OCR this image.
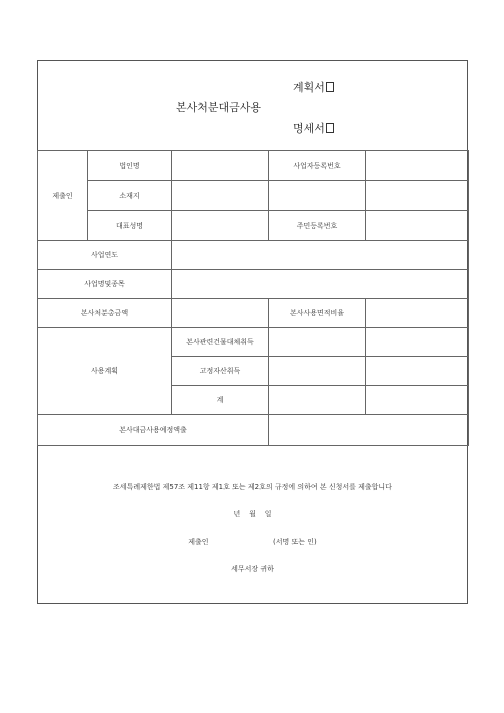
계획서
본사처분대금사용
명세서
제출인	법인명		사업자등록번호	
	소재지			
	대표성명		주민등록번호	
사업연도				
사업명및종목				
본사처분총금액			본사사용면적비율	
사용계획		본사관련건물대체취득		
		고정자산취득		
		계		
본사대금사용예정액출				
조세특례제한법 제57조 제11항 제1호 또는 제2호의 규정에 의하여 본 신청서를 제출합니다
년    월    일
제출인	(서명 또는 인)
세무서장 귀하
